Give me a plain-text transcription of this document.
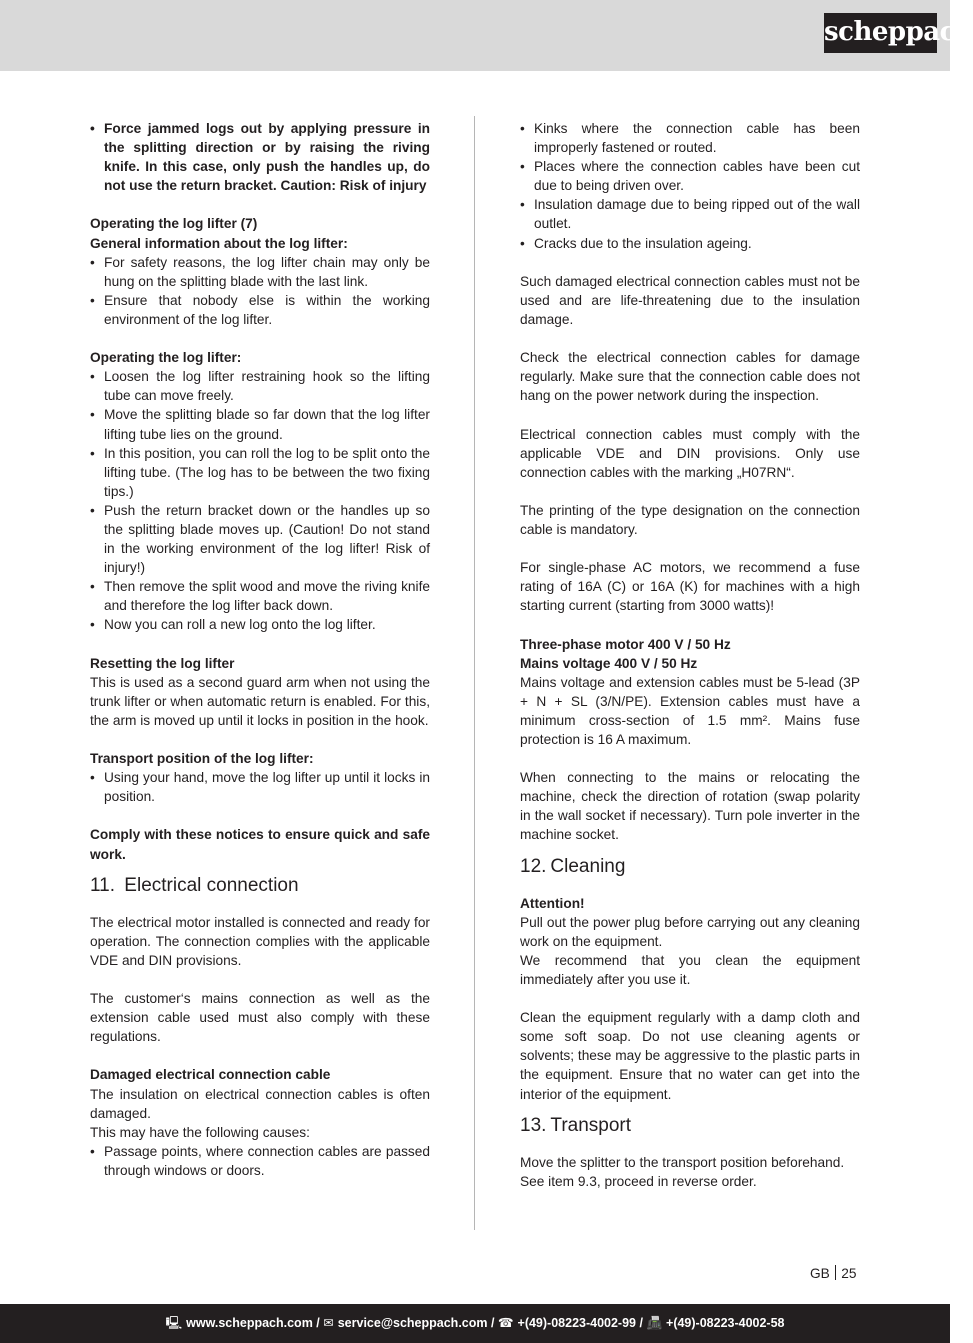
scheppach
• Force jammed logs out by applying pressure in the splitting direction or by raising the riving knife. In this case, only push the handles up, do not use the return bracket. Caution: Risk of injury

Operating the log lifter (7)

General information about the log lifter:

• For safety reasons, the log lifter chain may only be hung on the splitting blade with the last link.
• Ensure that nobody else is within the working environment of the log lifter.

Operating the log lifter:

• Loosen the log lifter restraining hook so the lifting tube can move freely.
• Move the splitting blade so far down that the log lifter lifting tube lies on the ground.
• In this position, you can roll the log to be split onto the lifting tube. (The log has to be between the two fixing tips.)
• Push the return bracket down or the handles up so the splitting blade moves up. (Caution! Do not stand in the working environment of the log lifter! Risk of injury!)
• Then remove the split wood and move the riving knife and therefore the log lifter back down.
• Now you can roll a new log onto the log lifter.

Resetting the log lifter

This is used as a second guard arm when not using the trunk lifter or when automatic return is enabled. For this, the arm is moved up until it locks in position in the hook.

Transport position of the log lifter:

• Using your hand, move the log lifter up until it locks in position.

Comply with these notices to ensure quick and safe work.

11. Electrical connection

The electrical motor installed is connected and ready for operation. The connection complies with the applicable VDE and DIN provisions.

The customer‘s mains connection as well as the extension cable used must also comply with these regulations.

Damaged electrical connection cable

The insulation on electrical connection cables is often damaged.

This may have the following causes:

• Passage points, where connection cables are passed through windows or doors.
• Kinks where the connection cable has been improperly fastened or routed.
• Places where the connection cables have been cut due to being driven over.
• Insulation damage due to being ripped out of the wall outlet.
• Cracks due to the insulation ageing.

Such damaged electrical connection cables must not be used and are life-threatening due to the insulation damage.

Check the electrical connection cables for damage regularly. Make sure that the connection cable does not hang on the power network during the inspection.

Electrical connection cables must comply with the applicable VDE and DIN provisions. Only use connection cables with the marking „H07RN“.

The printing of the type designation on the connection cable is mandatory.

For single-phase AC motors, we recommend a fuse rating of 16A (C) or 16A (K) for machines with a high starting current (starting from 3000 watts)!

Three-phase motor 400 V / 50 Hz

Mains voltage 400 V / 50 Hz

Mains voltage and extension cables must be 5-lead (3P + N + SL (3/N/PE). Extension cables must have a minimum cross-section of 1.5 mm². Mains fuse protection is 16 A maximum.

When connecting to the mains or relocating the machine, check the direction of rotation (swap polarity in the wall socket if necessary). Turn pole inverter in the machine socket.

12. Cleaning

Attention!

Pull out the power plug before carrying out any cleaning work on the equipment.

We recommend that you clean the equipment immediately after you use it.

Clean the equipment regularly with a damp cloth and some soft soap. Do not use cleaning agents or solvents; these may be aggressive to the plastic parts in the equipment. Ensure that no water can get into the interior of the equipment.

13. Transport

Move the splitter to the transport position beforehand.

See item 9.3, proceed in reverse order.

GB 25
🖳 www.scheppach.com / ✉ service@scheppach.com / ☎ +(49)-08223-4002-99 / 📠 +(49)-08223-4002-58
